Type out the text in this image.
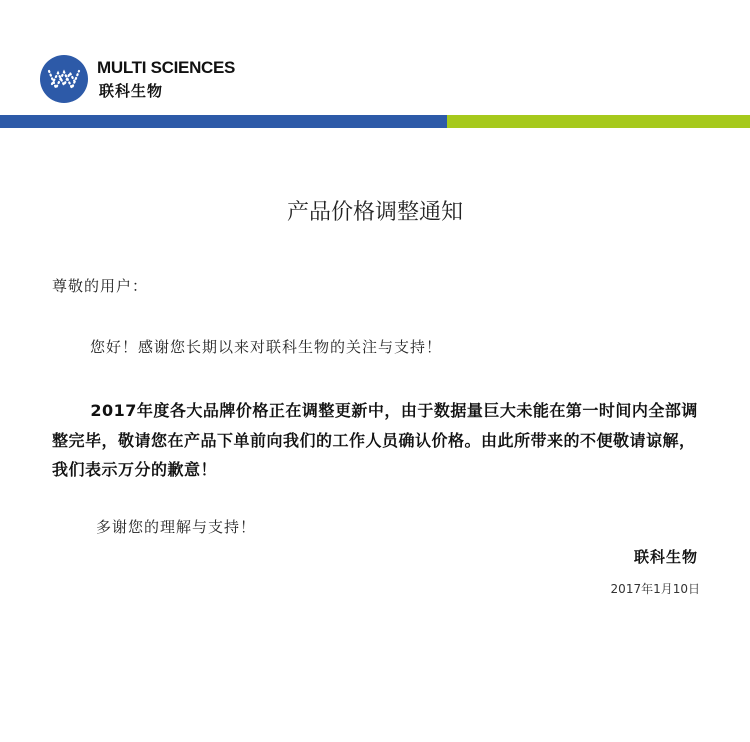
MULTI SCIENCES
联科生物
产品价格调整通知
尊敬的用户：
您好！感谢您长期以来对联科生物的关注与支持！
2017年度各大品牌价格正在调整更新中，由于数据量巨大未能在第一时间内全部调整完毕，敬请您在产品下单前向我们的工作人员确认价格。由此所带来的不便敬请谅解，我们表示万分的歉意！
多谢您的理解与支持！
联科生物
2017年1月10日
